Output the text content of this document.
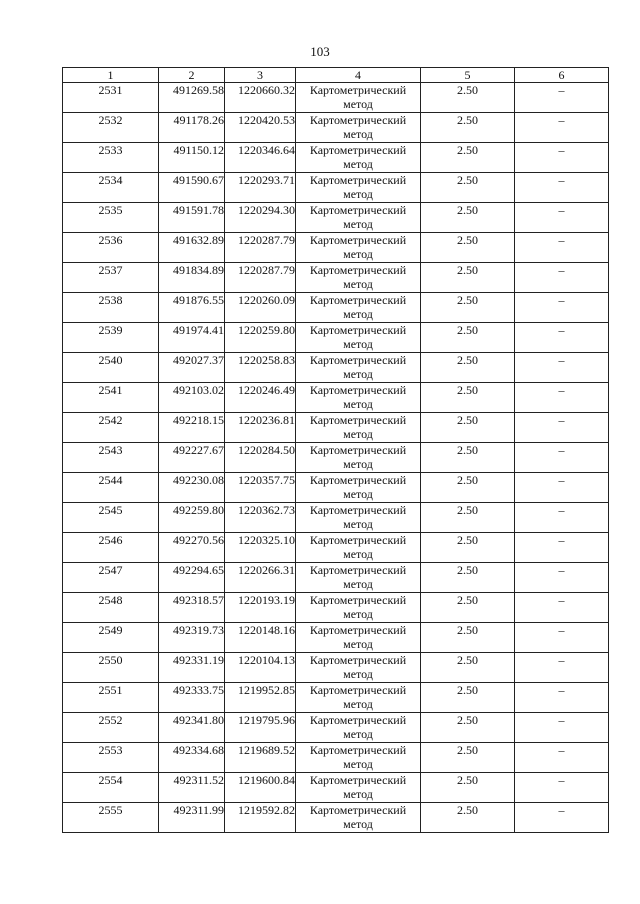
103
1	2	3	4	5	6
2531	491269.58	1220660.32	Картометрический метод	2.50	–
2532	491178.26	1220420.53	Картометрический метод	2.50	–
2533	491150.12	1220346.64	Картометрический метод	2.50	–
2534	491590.67	1220293.71	Картометрический метод	2.50	–
2535	491591.78	1220294.30	Картометрический метод	2.50	–
2536	491632.89	1220287.79	Картометрический метод	2.50	–
2537	491834.89	1220287.79	Картометрический метод	2.50	–
2538	491876.55	1220260.09	Картометрический метод	2.50	–
2539	491974.41	1220259.80	Картометрический метод	2.50	–
2540	492027.37	1220258.83	Картометрический метод	2.50	–
2541	492103.02	1220246.49	Картометрический метод	2.50	–
2542	492218.15	1220236.81	Картометрический метод	2.50	–
2543	492227.67	1220284.50	Картометрический метод	2.50	–
2544	492230.08	1220357.75	Картометрический метод	2.50	–
2545	492259.80	1220362.73	Картометрический метод	2.50	–
2546	492270.56	1220325.10	Картометрический метод	2.50	–
2547	492294.65	1220266.31	Картометрический метод	2.50	–
2548	492318.57	1220193.19	Картометрический метод	2.50	–
2549	492319.73	1220148.16	Картометрический метод	2.50	–
2550	492331.19	1220104.13	Картометрический метод	2.50	–
2551	492333.75	1219952.85	Картометрический метод	2.50	–
2552	492341.80	1219795.96	Картометрический метод	2.50	–
2553	492334.68	1219689.52	Картометрический метод	2.50	–
2554	492311.52	1219600.84	Картометрический метод	2.50	–
2555	492311.99	1219592.82	Картометрический метод	2.50	–
